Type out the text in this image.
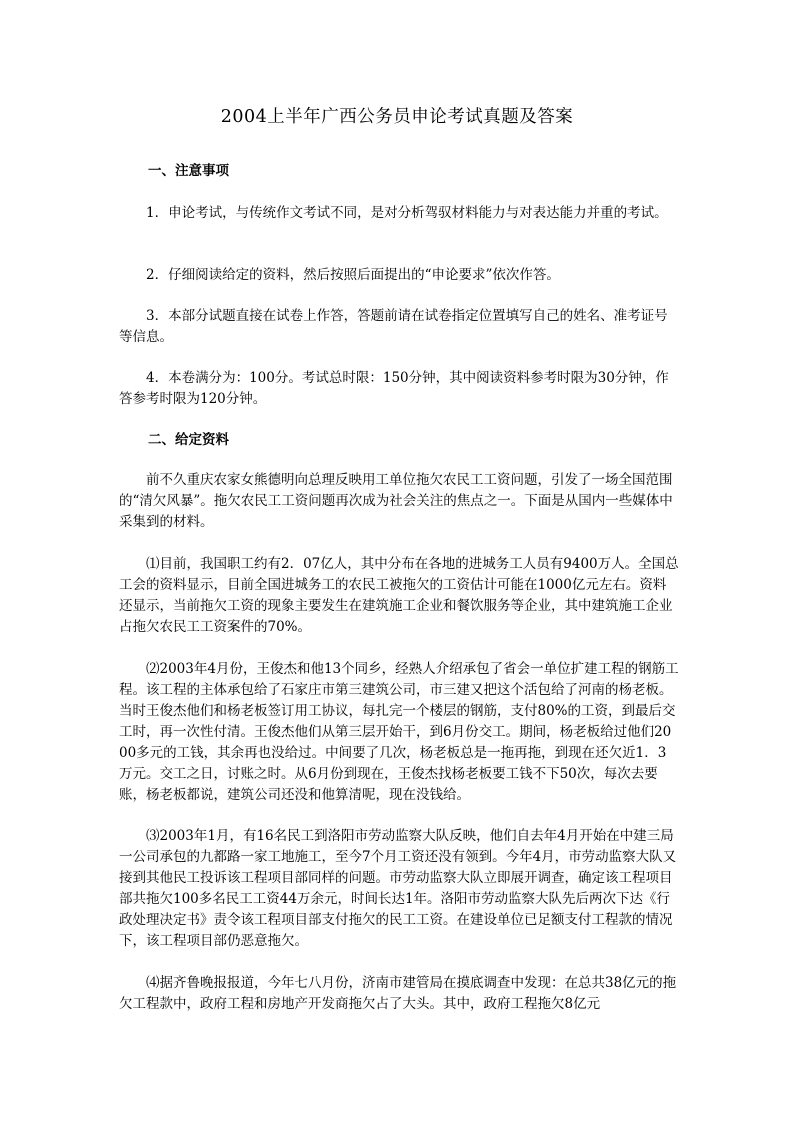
2004上半年广西公务员申论考试真题及答案
一、注意事项
1．申论考试，与传统作文考试不同，是对分析驾驭材料能力与对表达能力并重的考试。
2．仔细阅读给定的资料，然后按照后面提出的“申论要求”依次作答。
3．本部分试题直接在试卷上作答，答题前请在试卷指定位置填写自己的姓名、准考证号等信息。
4．本卷满分为：100分。考试总时限：150分钟，其中阅读资料参考时限为30分钟，作答参考时限为120分钟。
二、给定资料
前不久重庆农家女熊德明向总理反映用工单位拖欠农民工工资问题，引发了一场全国范围的“清欠风暴”。拖欠农民工工资问题再次成为社会关注的焦点之一。下面是从国内一些媒体中采集到的材料。
⑴目前，我国职工约有2．07亿人，其中分布在各地的进城务工人员有9400万人。全国总工会的资料显示，目前全国进城务工的农民工被拖欠的工资估计可能在1000亿元左右。资料还显示，当前拖欠工资的现象主要发生在建筑施工企业和餐饮服务等企业，其中建筑施工企业占拖欠农民工工资案件的70%。
⑵2003年4月份，王俊杰和他13个同乡，经熟人介绍承包了省会一单位扩建工程的钢筋工程。该工程的主体承包给了石家庄市第三建筑公司，市三建又把这个活包给了河南的杨老板。当时王俊杰他们和杨老板签订用工协议，每扎完一个楼层的钢筋，支付80%的工资，到最后交工时，再一次性付清。王俊杰他们从第三层开始干，到6月份交工。期间，杨老板给过他们2000多元的工钱，其余再也没给过。中间要了几次，杨老板总是一拖再拖，到现在还欠近1．3万元。交工之日，讨账之时。从6月份到现在，王俊杰找杨老板要工钱不下50次，每次去要账，杨老板都说，建筑公司还没和他算清呢，现在没钱给。
⑶2003年1月，有16名民工到洛阳市劳动监察大队反映，他们自去年4月开始在中建三局一公司承包的九都路一家工地施工，至今7个月工资还没有领到。今年4月，市劳动监察大队又接到其他民工投诉该工程项目部同样的问题。市劳动监察大队立即展开调查，确定该工程项目部共拖欠100多名民工工资44万余元，时间长达1年。洛阳市劳动监察大队先后两次下达《行政处理决定书》责令该工程项目部支付拖欠的民工工资。在建设单位已足额支付工程款的情况下，该工程项目部仍恶意拖欠。
⑷据齐鲁晚报报道，今年七八月份，济南市建管局在摸底调查中发现：在总共38亿元的拖欠工程款中，政府工程和房地产开发商拖欠占了大头。其中，政府工程拖欠8亿元
